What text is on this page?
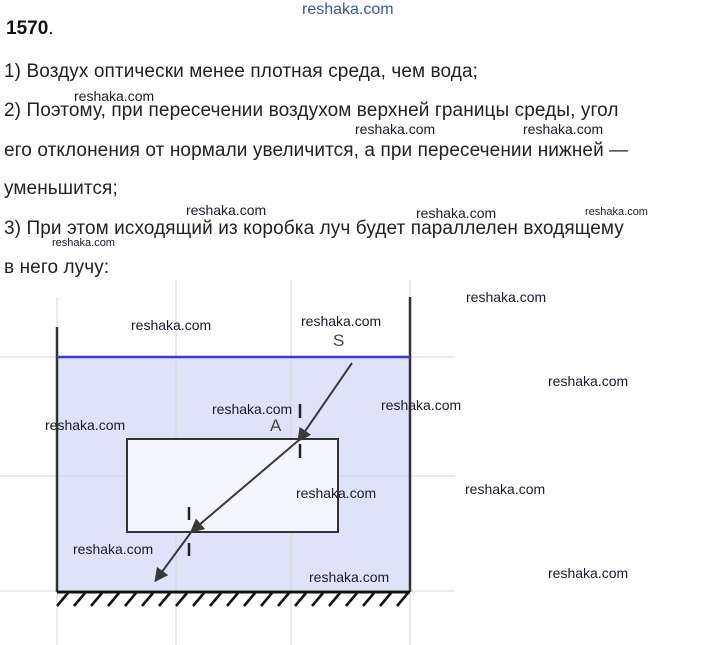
reshaka.com
1570.
1) Воздух оптически менее плотная среда, чем вода;
2) Поэтому, при пересечении воздухом верхней границы среды, угол
его отклонения от нормали увеличится, а при пересечении нижней —
уменьшится;
3) При этом исходящий из коробка луч будет параллелен входящему
в него лучу:
reshaka.com
reshaka.com	reshaka.com
reshaka.com	reshaka.com	reshaka.com
reshaka.com
S
A
reshaka.com
reshaka.com	reshaka.com
reshaka.com
reshaka.com
reshaka.com
reshaka.com
reshaka.com
reshaka.com
reshaka.com
reshaka.com
reshaka.com
